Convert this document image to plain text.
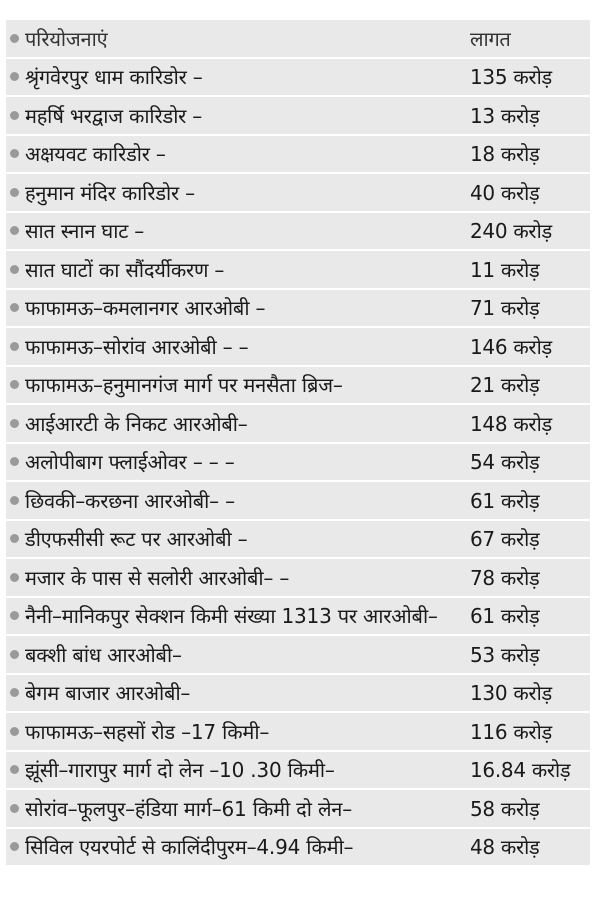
परियोजनाएं	लागत
श्रृंगवेरपुर धाम कारिडोर –	135 करोड़
महर्षि भरद्वाज कारिडोर –	13 करोड़
अक्षयवट कारिडोर –	18 करोड़
हनुमान मंदिर कारिडोर –	40 करोड़
सात स्नान घाट –	240 करोड़
सात घाटों का सौंदर्यीकरण –	11 करोड़
फाफामऊ–कमलानगर आरओबी –	71 करोड़
फाफामऊ–सोरांव आरओबी – –	146 करोड़
फाफामऊ–हनुमानगंज मार्ग पर मनसैता ब्रिज–	21 करोड़
आईआरटी के निकट आरओबी–	148 करोड़
अलोपीबाग फ्लाईओवर – – –	54 करोड़
छिवकी–करछना आरओबी– –	61 करोड़
डीएफसीसी रूट पर आरओबी –	67 करोड़
मजार के पास से सलोरी आरओबी– –	78 करोड़
नैनी–मानिकपुर सेक्शन किमी संख्या 1313 पर आरओबी–	61 करोड़
बक्शी बांध आरओबी–	53 करोड़
बेगम बाजार आरओबी–	130 करोड़
फाफामऊ–सहसों रोड –17 किमी–	116 करोड़
झूंसी–गारापुर मार्ग दो लेन –10 .30 किमी–	16.84 करोड़
सोरांव–फूलपुर–हंडिया मार्ग–61 किमी दो लेन–	58 करोड़
सिविल एयरपोर्ट से कालिंदीपुरम–4.94 किमी–	48 करोड़
